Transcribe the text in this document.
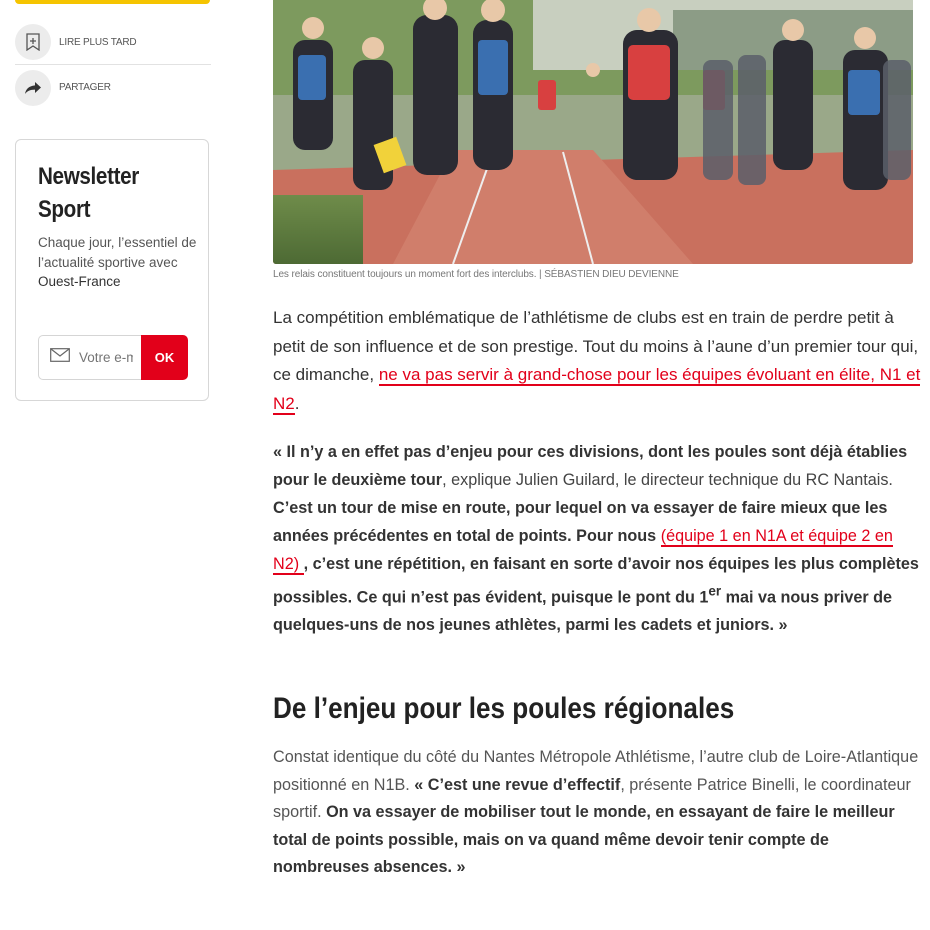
LIRE PLUS TARD
PARTAGER
Newsletter Sport
Chaque jour, l’essentiel de l’actualité sportive avec Ouest-France
Votre e-mail
OK
Les relais constituent toujours un moment fort des interclubs. | SÉBASTIEN DIEU DEVIENNE

La compétition emblématique de l’athlétisme de clubs est en train de perdre petit à petit de son influence et de son prestige. Tout du moins à l’aune d’un premier tour qui, ce dimanche, ne va pas servir à grand-chose pour les équipes évoluant en élite, N1 et N2.

« Il n’y a en effet pas d’enjeu pour ces divisions, dont les poules sont déjà établies pour le deuxième tour, explique Julien Guilard, le directeur technique du RC Nantais. C’est un tour de mise en route, pour lequel on va essayer de faire mieux que les années précédentes en total de points. Pour nous (équipe 1 en N1A et équipe 2 en N2) , c’est une répétition, en faisant en sorte d’avoir nos équipes les plus complètes possibles. Ce qui n’est pas évident, puisque le pont du 1er mai va nous priver de quelques-uns de nos jeunes athlètes, parmi les cadets et juniors. »

De l’enjeu pour les poules régionales

Constat identique du côté du Nantes Métropole Athlétisme, l’autre club de Loire-Atlantique positionné en N1B. « C’est une revue d’effectif, présente Patrice Binelli, le coordinateur sportif. On va essayer de mobiliser tout le monde, en essayant de faire le meilleur total de points possible, mais on va quand même devoir tenir compte de nombreuses absences. »
